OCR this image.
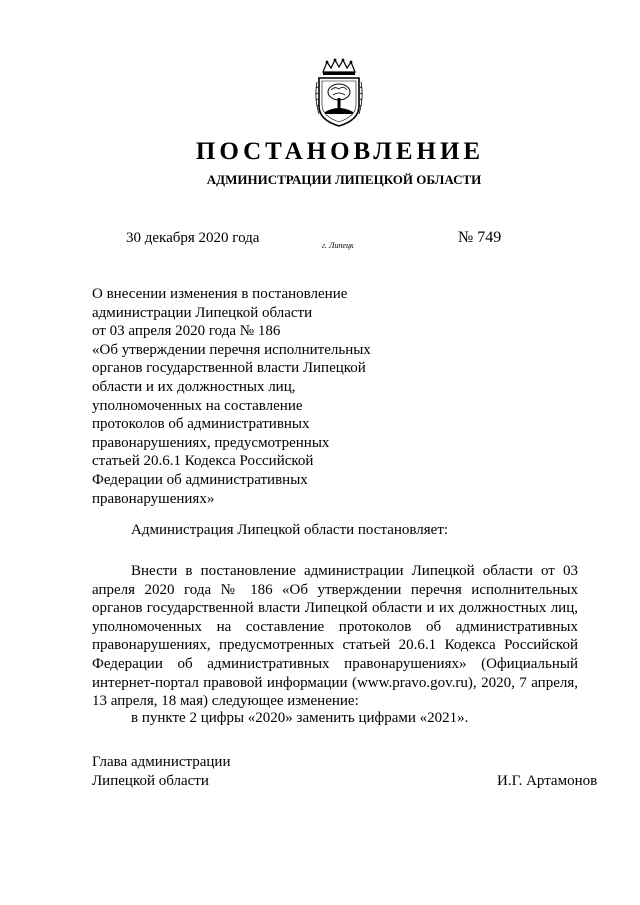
ПОСТАНОВЛЕНИЕ
АДМИНИСТРАЦИИ ЛИПЕЦКОЙ ОБЛАСТИ
30 декабря 2020 года	г. Липецк	№ 749
О внесении изменения в постановление
администрации Липецкой области
от 03 апреля 2020 года № 186
«Об утверждении перечня исполнительных
органов государственной власти Липецкой
области и их должностных лиц,
уполномоченных на составление
протоколов об административных
правонарушениях, предусмотренных
статьей 20.6.1 Кодекса Российской
Федерации об административных
правонарушениях»
Администрация Липецкой области постановляет:

Внести в постановление администрации Липецкой области от 03 апреля 2020 года № 186 «Об утверждении перечня исполнительных органов государственной власти Липецкой области и их должностных лиц, уполномоченных на составление протоколов об административных правонарушениях, предусмотренных статьей 20.6.1 Кодекса Российской Федерации об административных правонарушениях» (Официальный интернет-портал правовой информации (www.pravo.gov.ru), 2020, 7 апреля, 13 апреля, 18 мая) следующее изменение:

в пункте 2 цифры «2020» заменить цифрами «2021».

Глава администрации
Липецкой области	И.Г. Артамонов
